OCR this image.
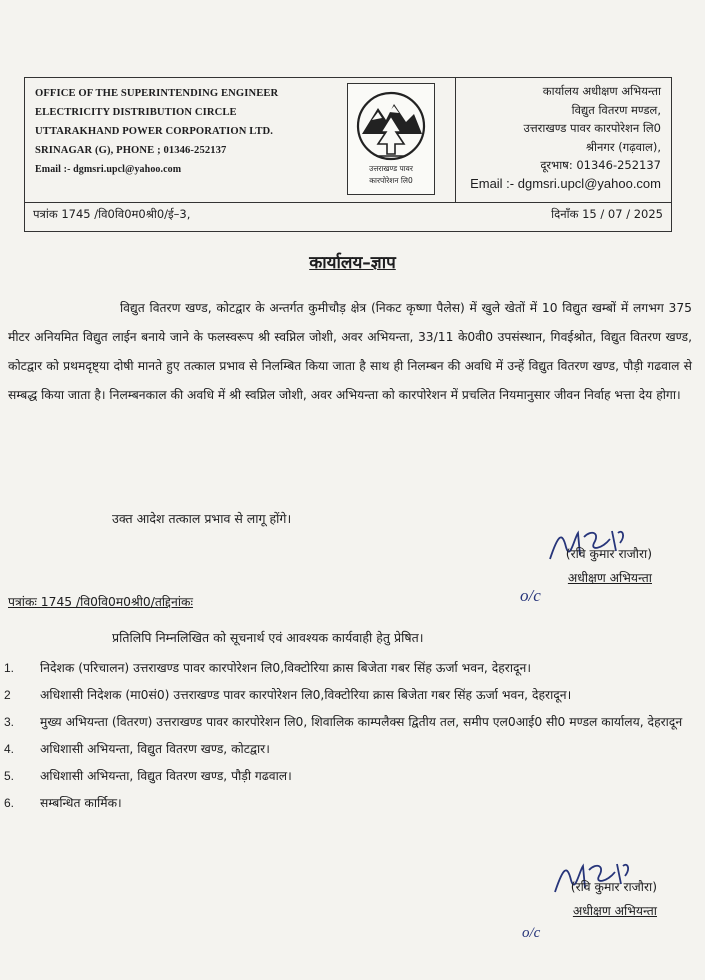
OFFICE OF THE SUPERINTENDING ENGINEER
ELECTRICITY DISTRIBUTION CIRCLE
UTTARAKHAND POWER CORPORATION LTD.
SRINAGAR (G), PHONE ; 01346-252137
Email :- dgmsri.upcl@yahoo.com	उत्तराखण्ड पावर
कारपोरेशन लि0
कार्यालय अधीक्षण अभियन्ता
विद्युत वितरण मण्डल,
उत्तराखण्ड पावर कारपोरेशन लि0
श्रीनगर (गढ़वाल),
दूरभाष: 01346-252137
Email :- dgmsri.upcl@yahoo.com
पत्रांक 1745 /वि0वि0म0श्री0/ई–3,	दिनाँक 15 / 07 / 2025
कार्यालय–ज्ञाप
विद्युत वितरण खण्ड, कोटद्वार के अन्तर्गत कुमीचौड़ क्षेत्र (निकट कृष्णा पैलेस) में खुले खेतों में 10 विद्युत खम्बों में लगभग 375 मीटर अनियमित विद्युत लाईन बनाये जाने के फलस्वरूप श्री स्वप्निल जोशी, अवर अभियन्ता, 33/11 के0वी0 उपसंस्थान, गिवईश्रोत, विद्युत वितरण खण्ड, कोटद्वार को प्रथमदृष्ट्या दोषी मानते हुए तत्काल प्रभाव से निलम्बित किया जाता है साथ ही निलम्बन की अवधि में उन्हें विद्युत वितरण खण्ड, पौड़ी गढवाल से सम्बद्ध किया जाता है। निलम्बनकाल की अवधि में श्री स्वप्निल जोशी, अवर अभियन्ता को कारपोरेशन में प्रचलित नियमानुसार जीवन निर्वाह भत्ता देय होगा।
उक्त आदेश तत्काल प्रभाव से लागू होंगे।
(रवि कुमार राजौरा)
अधीक्षण अभियन्ता
o/c
पत्रांकः 1745 /वि0वि0म0श्री0/तद्दिनांकः
प्रतिलिपि निम्नलिखित को सूचनार्थ एवं आवश्यक कार्यवाही हेतु प्रेषित।
1. निदेशक (परिचालन) उत्तराखण्ड पावर कारपोरेशन लि0,विक्टोरिया क्रास बिजेता गबर सिंह ऊर्जा भवन, देहरादून।
2 अधिशासी निदेशक (मा0सं0) उत्तराखण्ड पावर कारपोरेशन लि0,विक्टोरिया क्रास बिजेता गबर सिंह ऊर्जा भवन, देहरादून।
3. मुख्य अभियन्ता (वितरण) उत्तराखण्ड पावर कारपोरेशन लि0, शिवालिक काम्पलैक्स द्वितीय तल, समीप एल0आई0 सी0 मण्डल कार्यालय, देहरादून
4. अधिशासी अभियन्ता, विद्युत वितरण खण्ड, कोटद्वार।
5. अधिशासी अभियन्ता, विद्युत वितरण खण्ड, पौड़ी गढवाल।
6. सम्बन्धित कार्मिक।
(रवि कुमार राजौरा)
अधीक्षण अभियन्ता
o/c
